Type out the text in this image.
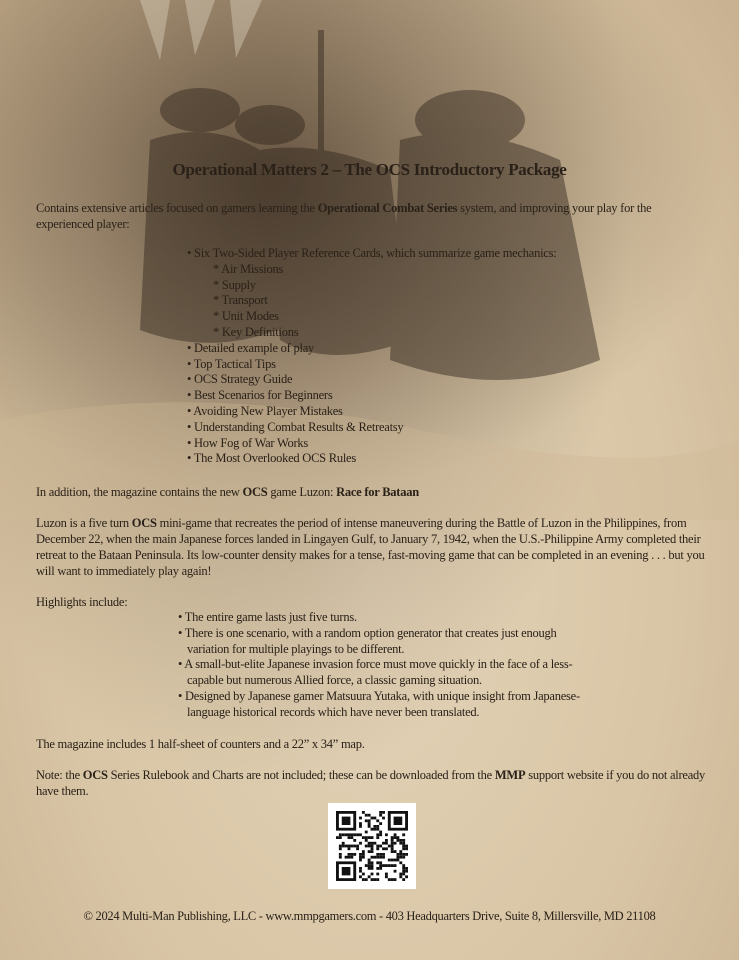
Operational Matters 2 – The OCS Introductory Package

Contains extensive articles focused on gamers learning the Operational Combat Series system, and improving your play for the experienced player:

• Six Two-Sided Player Reference Cards, which summarize game mechanics:
* Air Missions
* Supply
* Transport
* Unit Modes
* Key Definitions
• Detailed example of play
• Top Tactical Tips
• OCS Strategy Guide
• Best Scenarios for Beginners
• Avoiding New Player Mistakes
• Understanding Combat Results & Retreatsy
• How Fog of War Works
• The Most Overlooked OCS Rules

In addition, the magazine contains the new OCS game Luzon: Race for Bataan

Luzon is a five turn OCS mini-game that recreates the period of intense maneuvering during the Battle of Luzon in the Philippines, from December 22, when the main Japanese forces landed in Lingayen Gulf, to January 7, 1942, when the U.S.-Philippine Army completed their retreat to the Bataan Peninsula. Its low-counter density makes for a tense, fast-moving game that can be completed in an evening . . . but you will want to immediately play again!

Highlights include:

• The entire game lasts just five turns.
• There is one scenario, with a random option generator that creates just enough variation for multiple playings to be different.
• A small-but-elite Japanese invasion force must move quickly in the face of a less-capable but numerous Allied force, a classic gaming situation.
• Designed by Japanese gamer Matsuura Yutaka, with unique insight from Japanese-language historical records which have never been translated.

The magazine includes 1 half-sheet of counters and a 22” x 34” map.

Note: the OCS Series Rulebook and Charts are not included; these can be downloaded from the MMP support website if you do not already have them.

© 2024 Multi-Man Publishing, LLC - www.mmpgamers.com - 403 Headquarters Drive, Suite 8, Millersville, MD 21108
